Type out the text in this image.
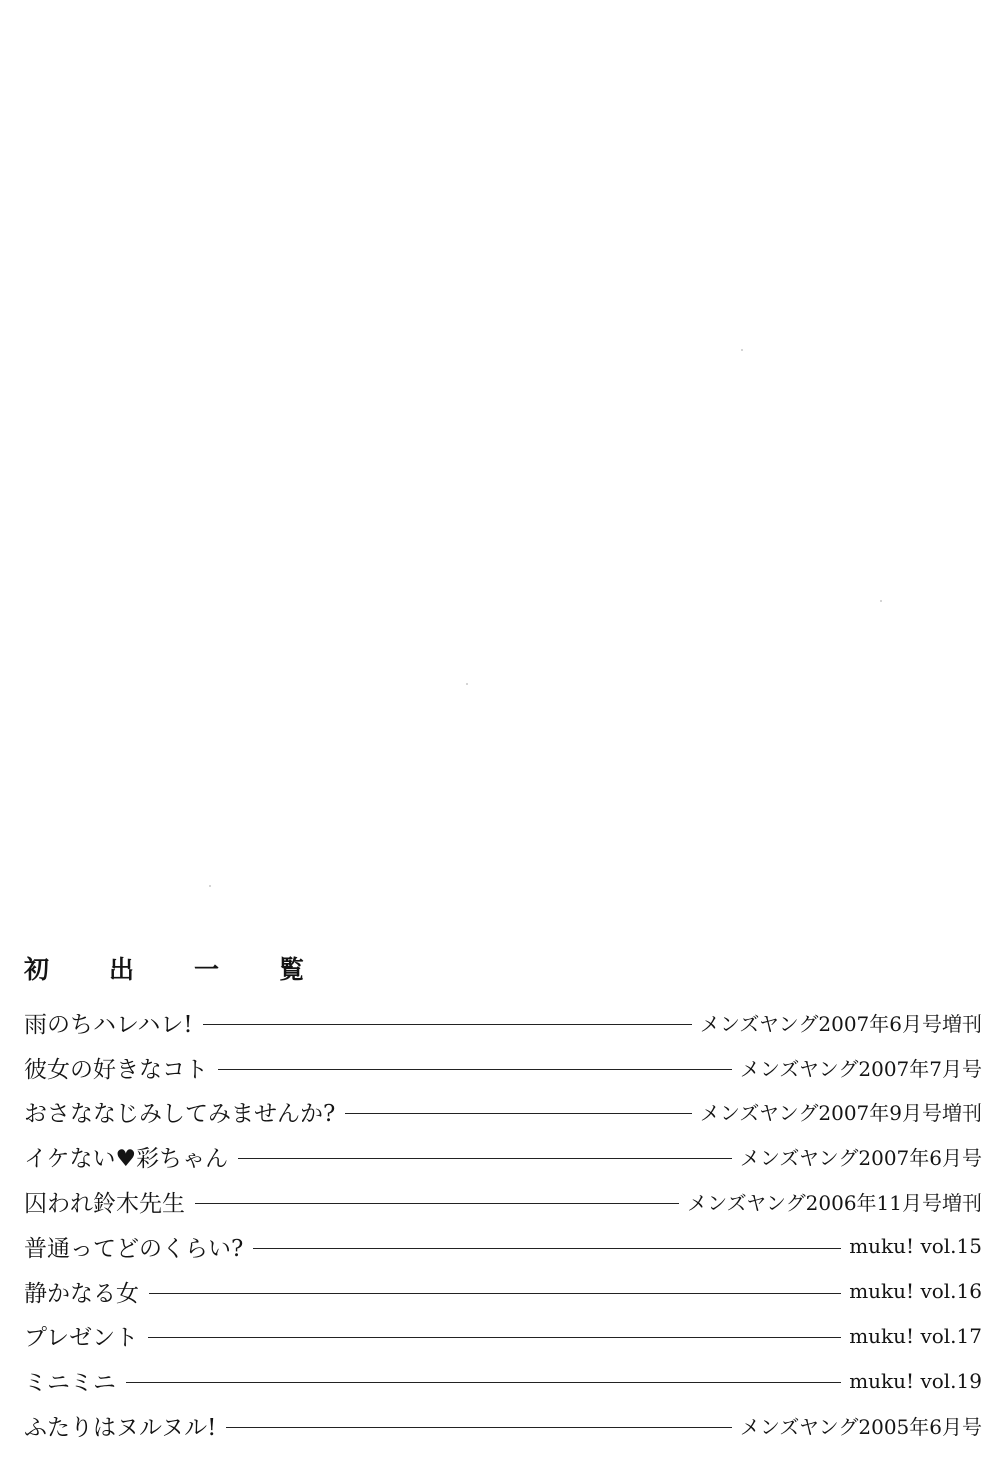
初 出 一 覧
雨のちハレハレ!	メンズヤング2007年6月号増刊
彼女の好きなコト	メンズヤング2007年7月号
おさななじみしてみませんか?	メンズヤング2007年9月号増刊
イケない♥彩ちゃん	メンズヤング2007年6月号
囚われ鈴木先生	メンズヤング2006年11月号増刊
普通ってどのくらい?	muku! vol.15
静かなる女	muku! vol.16
プレゼント	muku! vol.17
ミニミニ	muku! vol.19
ふたりはヌルヌル!	メンズヤング2005年6月号
